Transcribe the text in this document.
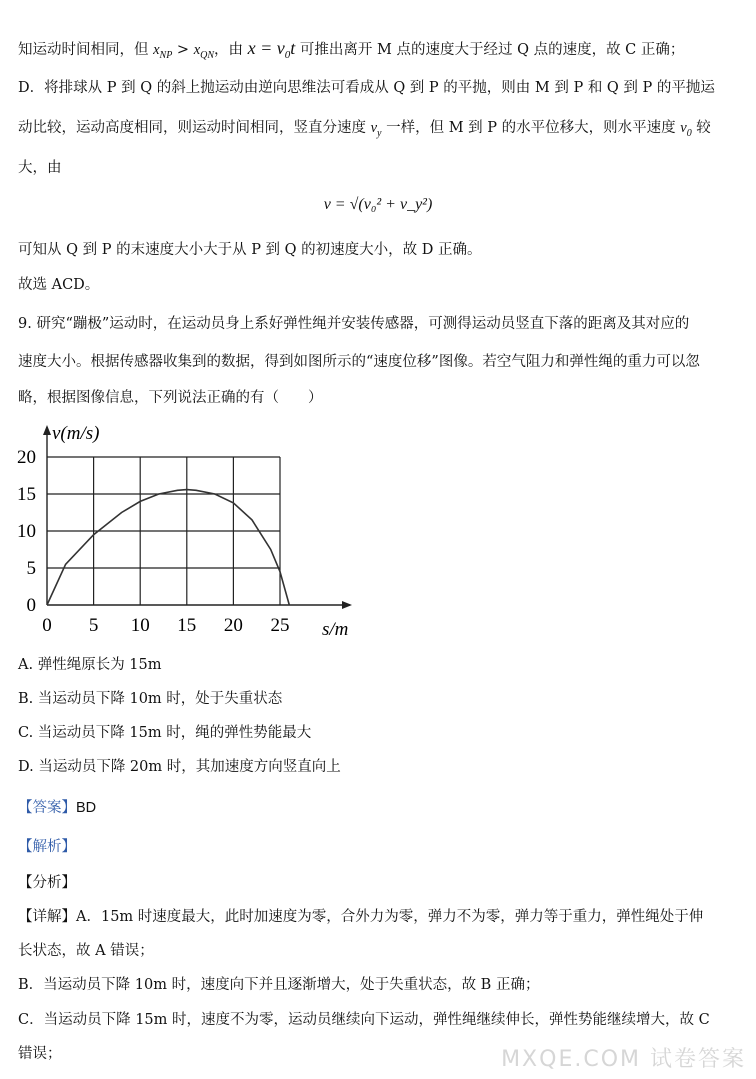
知运动时间相同，但 $x_{NP} > x_{QN}$，由 $x = v_0t$ 可推出离开 M 点的速度大于经过 Q 点的速度，故 C 正确；
D．将排球从 P 到 Q 的斜上抛运动由逆向思维法可看成从 Q 到 P 的平抛，则由 M 到 P 和 Q 到 P 的平抛运
动比较，运动高度相同，则运动时间相同，竖直分速度 $v_y$ 一样，但 M 到 P 的水平位移大，则水平速度 $v_0$ 较
大，由
v = √(v₀² + v_y²)
可知从 Q 到 P 的末速度大小大于从 P 到 Q 的初速度大小，故 D 正确。
故选 ACD。
9. 研究“蹦极”运动时，在运动员身上系好弹性绳并安装传感器，可测得运动员竖直下落的距离及其对应的
速度大小。根据传感器收集到的数据，得到如图所示的“速度位移”图像。若空气阻力和弹性绳的重力可以忽
略，根据图像信息，下列说法正确的有（　　）
0 5 10 15 20 25
0
5
10
15
20
v(m/s)
s/m
A. 弹性绳原长为 15m
B. 当运动员下降 10m 时，处于失重状态
C. 当运动员下降 15m 时，绳的弹性势能最大
D. 当运动员下降 20m 时，其加速度方向竖直向上
【答案】BD
【解析】
【分析】
【详解】A．15m 时速度最大，此时加速度为零，合外力为零，弹力不为零，弹力等于重力，弹性绳处于伸
长状态，故 A 错误；
B．当运动员下降 10m 时，速度向下并且逐渐增大，处于失重状态，故 B 正确；
C．当运动员下降 15m 时，速度不为零，运动员继续向下运动，弹性绳继续伸长，弹性势能继续增大，故 C
错误；	MXQE.COM 试卷答案
